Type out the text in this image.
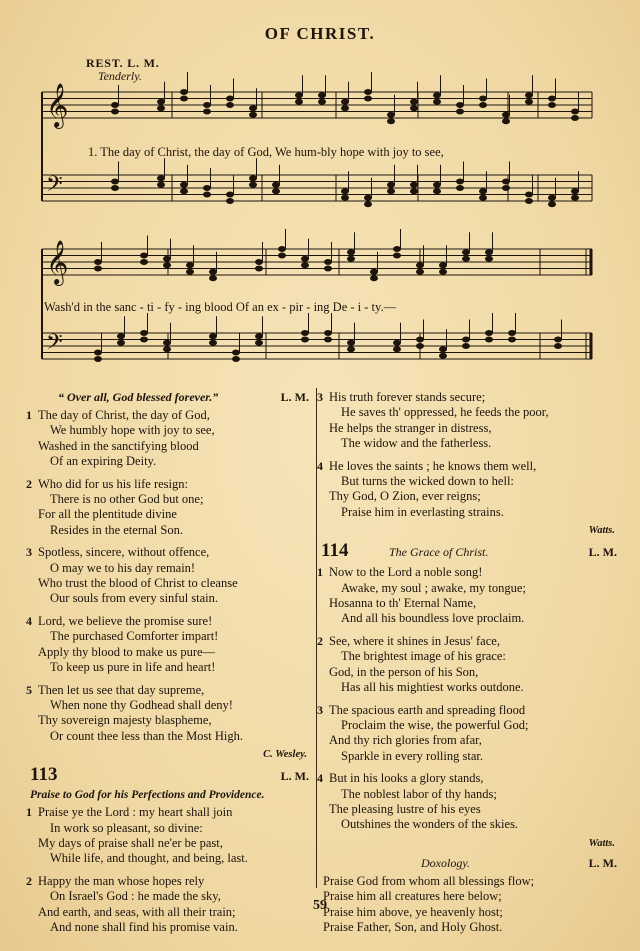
OF CHRIST.
REST. L. M.
Tenderly.
𝄞
𝄢
𝄞
𝄢
1. The day of Christ, the day of God, We hum-bly hope with joy to see,
Wash'd in the sanc - ti - fy - ing blood Of an ex - pir - ing De - i - ty.—
“ Over all, God blessed forever.”	L. M.
1 The day of Christ, the day of God,
We humbly hope with joy to see,
Washed in the sanctifying blood
Of an expiring Deity.
2 Who did for us his life resign:
There is no other God but one;
For all the plentitude divine
Resides in the eternal Son.
3 Spotless, sincere, without offence,
O may we to his day remain!
Who trust the blood of Christ to cleanse
Our souls from every sinful stain.
4 Lord, we believe the promise sure!
The purchased Comforter impart!
Apply thy blood to make us pure—
To keep us pure in life and heart!
5 Then let us see that day supreme,
When none thy Godhead shall deny!
Thy sovereign majesty blaspheme,
Or count thee less than the Most High.
C. Wesley.
113	L. M.
Praise to God for his Perfections and Providence.
1 Praise ye the Lord : my heart shall join
In work so pleasant, so divine:
My days of praise shall ne'er be past,
While life, and thought, and being, last.
2 Happy the man whose hopes rely
On Israel's God : he made the sky,
And earth, and seas, with all their train;
And none shall find his promise vain.
3 His truth forever stands secure;
He saves th' oppressed, he feeds the poor,
He helps the stranger in distress,
The widow and the fatherless.
4 He loves the saints ; he knows them well,
But turns the wicked down to hell:
Thy God, O Zion, ever reigns;
Praise him in everlasting strains.
Watts.
114	The Grace of Christ.	L. M.
1 Now to the Lord a noble song!
Awake, my soul ; awake, my tongue;
Hosanna to th' Eternal Name,
And all his boundless love proclaim.
2 See, where it shines in Jesus' face,
The brightest image of his grace:
God, in the person of his Son,
Has all his mightiest works outdone.
3 The spacious earth and spreading flood
Proclaim the wise, the powerful God;
And thy rich glories from afar,
Sparkle in every rolling star.
4 But in his looks a glory stands,
The noblest labor of thy hands;
The pleasing lustre of his eyes
Outshines the wonders of the skies.
Watts.
Doxology.	L. M.
Praise God from whom all blessings flow;
Praise him all creatures here below;
Praise him above, ye heavenly host;
Praise Father, Son, and Holy Ghost.
59
